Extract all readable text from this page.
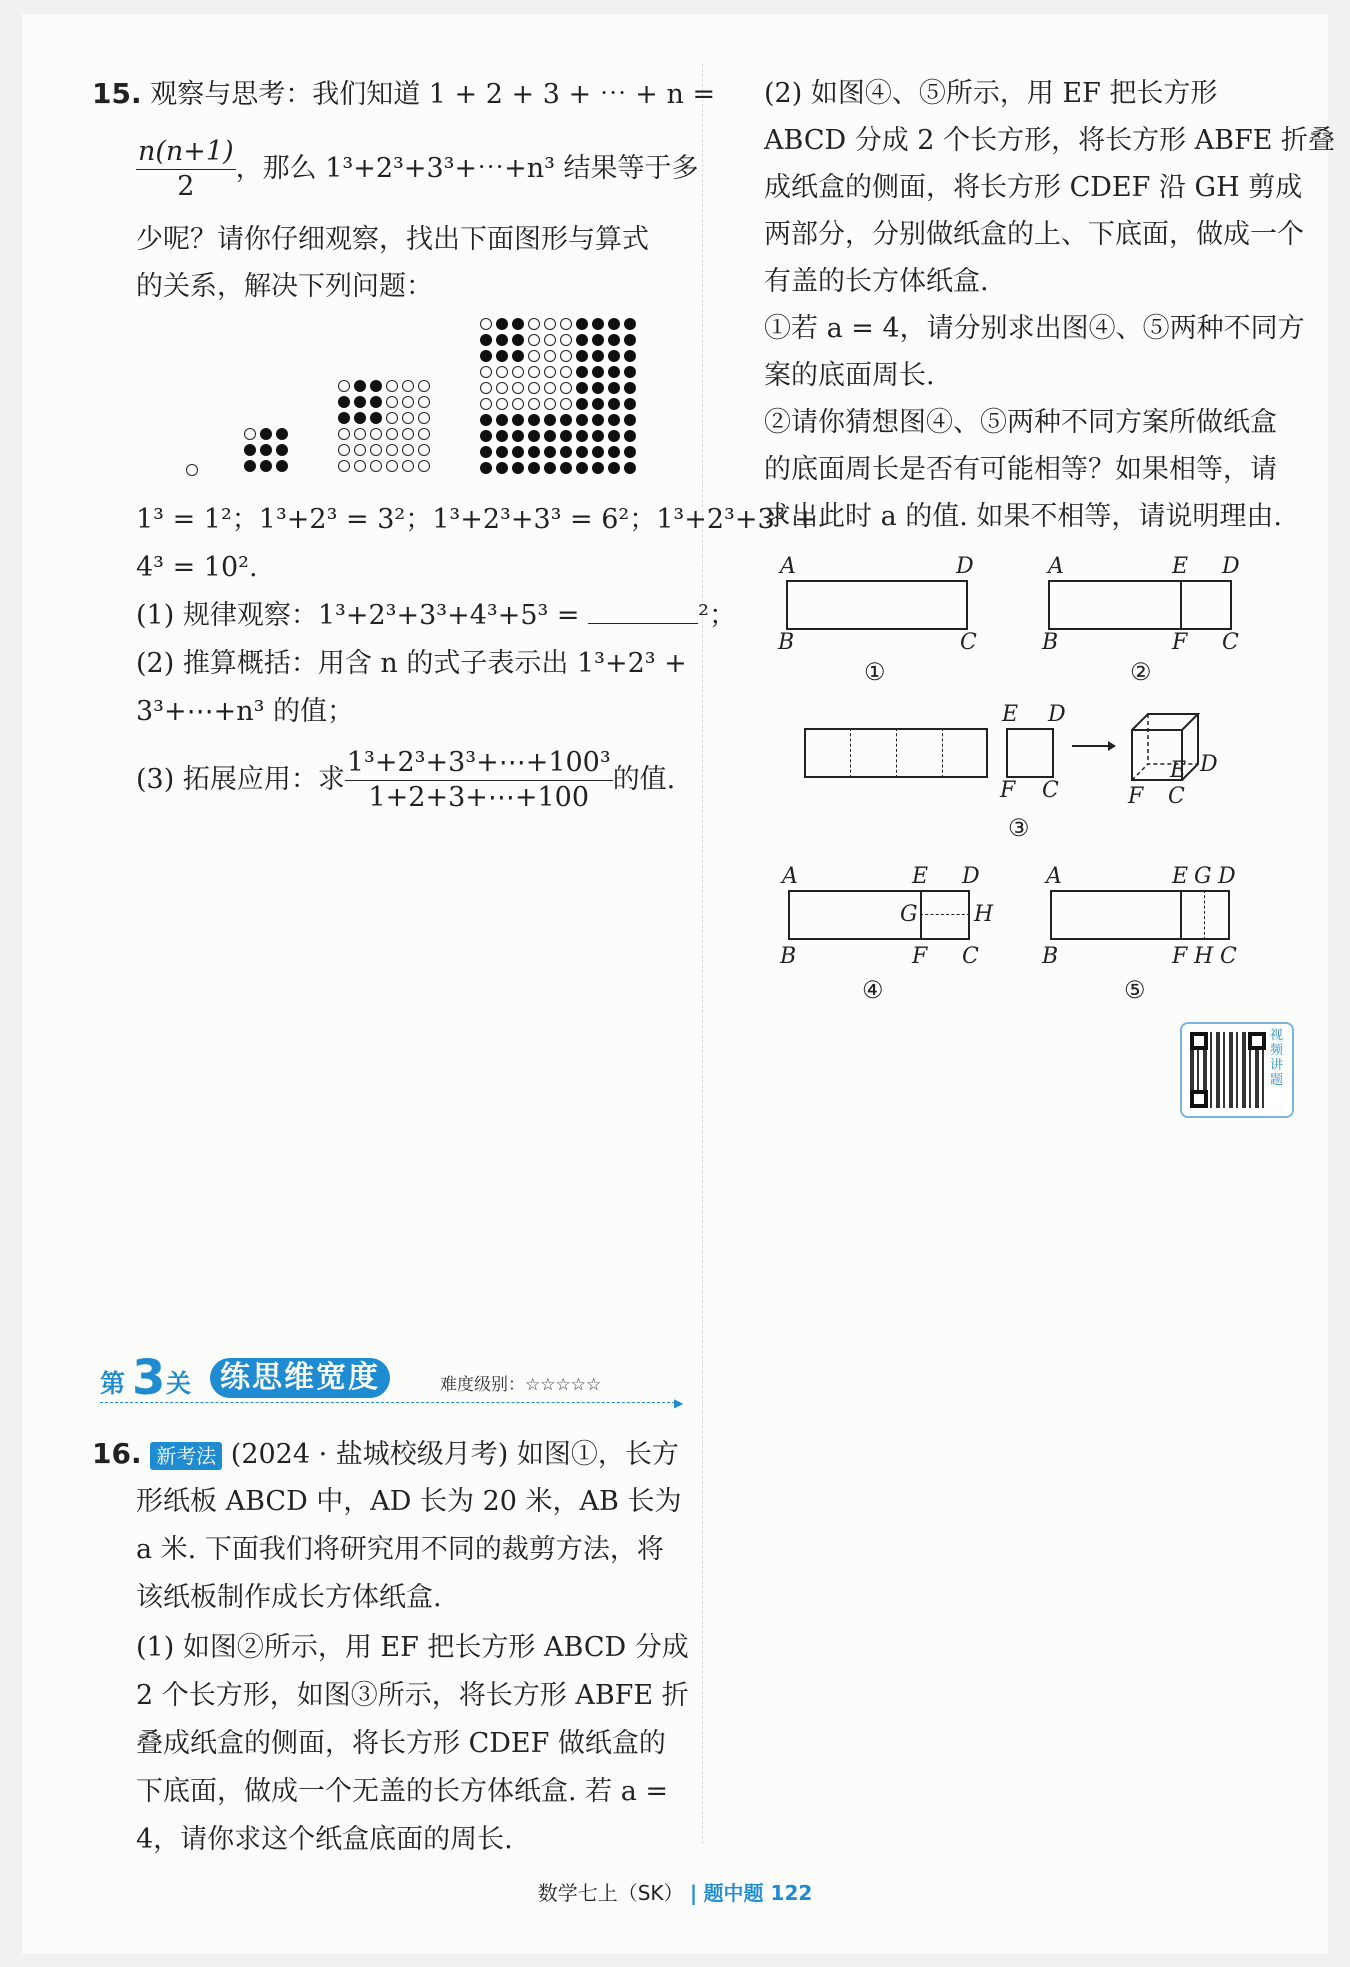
15. 观察与思考：我们知道 1 + 2 + 3 + ⋯ + n =
$\frac{n(n+1)}{2}$ ，那么 1³+2³+3³+⋯+n³ 结果等于多
少呢？请你仔细观察，找出下面图形与算式
的关系，解决下列问题：
1³ = 1²；1³+2³ = 3²；1³+2³+3³ = 6²；1³+2³+3³ +
4³ = 10².
(1) 规律观察：1³+2³+3³+4³+5³ =	²；
(2) 推算概括：用含 n 的式子表示出 1³+2³ +
3³+⋯+n³ 的值；
(3) 拓展应用：求 $\frac{\text{1³+2³+3³+⋯+100³}}{1+2+3+\cdots+100}$ 的值.
(2) 如图④、⑤所示，用 EF 把长方形
ABCD 分成 2 个长方形，将长方形 ABFE 折叠
成纸盒的侧面，将长方形 CDEF 沿 GH 剪成
两部分，分别做纸盒的上、下底面，做成一个
有盖的长方体纸盒.
①若 a = 4，请分别求出图④、⑤两种不同方
案的底面周长.
②请你猜想图④、⑤两种不同方案所做纸盒
的底面周长是否有可能相等？如果相等，请
求出此时 a 的值. 如果不相等，请说明理由.
A	D
B	C
①
A	E D
B	F C
②
E D
F C
E D
F C
③
A	E D
G	H
B	F C
④
A	E G D
B	F H C
⑤
视频讲题
第 3 关 练思维宽度	难度级别：☆☆☆☆☆
▶
16. 新考法 (2024 · 盐城校级月考) 如图①，长方
形纸板 ABCD 中，AD 长为 20 米，AB 长为
a 米. 下面我们将研究用不同的裁剪方法，将
该纸板制作成长方体纸盒.
(1) 如图②所示，用 EF 把长方形 ABCD 分成
2 个长方形，如图③所示，将长方形 ABFE 折
叠成纸盒的侧面，将长方形 CDEF 做纸盒的
下底面，做成一个无盖的长方体纸盒. 若 a =
4，请你求这个纸盒底面的周长.
数学七上（SK） | 题中题 122
